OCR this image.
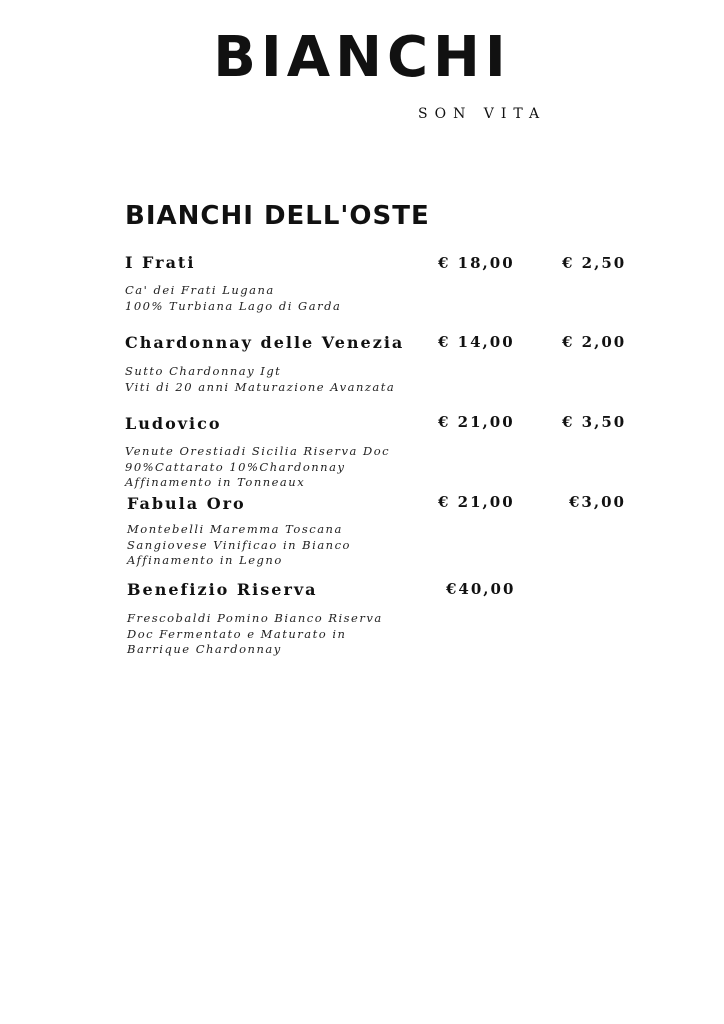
BIANCHI
SON VITA
BIANCHI DELL'OSTE
I Frati	€ 18,00	€ 2,50
Ca' dei Frati Lugana
100% Turbiana Lago di Garda
Chardonnay delle Venezia € 14,00	€ 2,00
Sutto Chardonnay Igt
Viti di 20 anni Maturazione Avanzata
Ludovico	€ 21,00	€ 3,50
Venute Orestiadi Sicilia Riserva Doc
90%Cattarato 10%Chardonnay
Affinamento in Tonneaux
Fabula Oro	€ 21,00	€3,00
Montebelli Maremma Toscana
Sangiovese Vinificao in Bianco
Affinamento in Legno
Benefizio Riserva	€40,00
Frescobaldi Pomino Bianco Riserva
Doc Fermentato e Maturato in
Barrique Chardonnay
